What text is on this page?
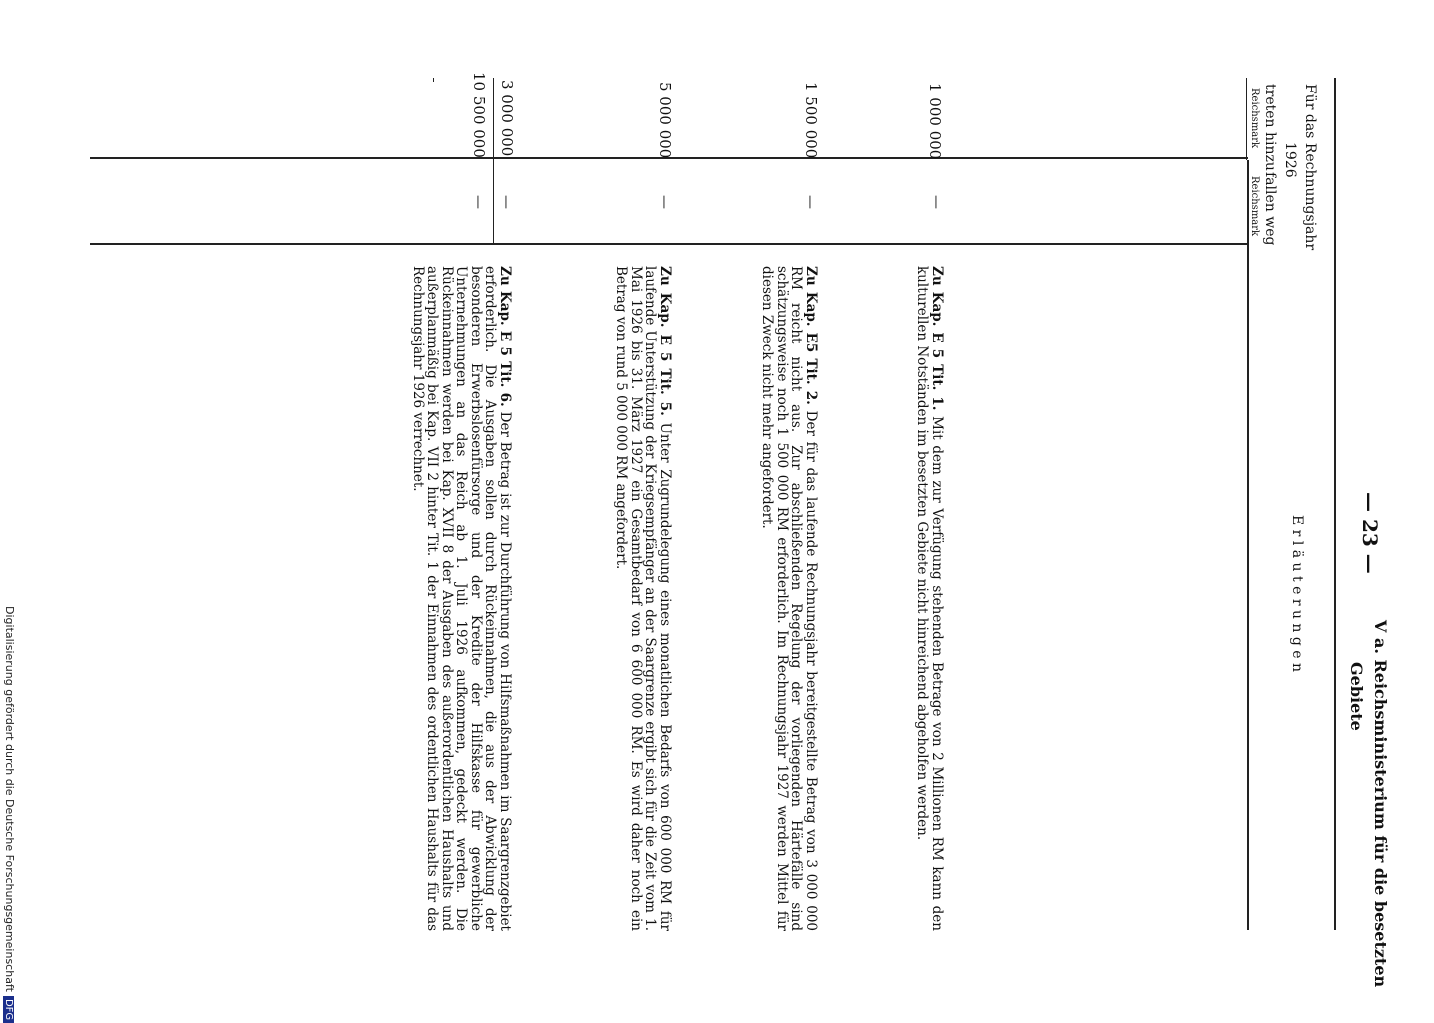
— 23 —
V a. Reichsministerium für die besetzten
Gebiete
E r l ä u t e r u n g e n
Für das Rechnungsjahr
1926
treten hinzu
fallen weg
Reichsmark
Reichsmark
1 000 000
—
Zu Kap. E 5 Tit. 1. Mit dem zur Verfügung stehenden Betrage von 2 Millionen RM kann den kulturellen Notständen im besetzten Gebiete nicht hinreichend abgeholfen werden.
1 500 000
—
Zu Kap. E5 Tit. 2. Der für das laufende Rechnungsjahr bereitgestellte Betrag von 3 000 000 RM reicht nicht aus. Zur abschließenden Regelung der vorliegenden Härtefälle sind schätzungsweise noch 1 500 000 RM erforderlich. Im Rechnungsjahr 1927 werden Mittel für diesen Zweck nicht mehr angefordert.
5 000 000
—
Zu Kap. E 5 Tit. 5. Unter Zugrundelegung eines monatlichen Bedarfs von 600 000 RM für laufende Unterstützung der Kriegsempfänger an der Saargrenze ergibt sich für die Zeit vom 1. Mai 1926 bis 31. März 1927 ein Gesamtbedarf von 6 600 000 RM. Es wird daher noch ein Betrag von rund 5 000 000 RM angefordert.
3 000 000
—
Zu Kap. E 5 Tit. 6. Der Betrag ist zur Durchführung von Hilfsmaßnahmen im Saargrenzgebiet erforderlich. Die Ausgaben sollen durch Rückeinnahmen, die aus der Abwicklung der besonderen Erwerbslosenfürsorge und der Kredite der Hilfskasse für gewerbliche Unternehmungen an das Reich ab 1. Juli 1926 aufkommen, gedeckt werden. Die Rückeinnahmen werden bei Kap. XVII 8 der Ausgaben des außerordentlichen Haushalts und außerplanmäßig bei Kap. VII 2 hinter Tit. 1 der Einnahmen des ordentlichen Haushalts für das Rechnungsjahr 1926 verrechnet.
10 500 000
—
Digitalisierung gefördert durch die Deutsche ForschungsgemeinschaftDFG
